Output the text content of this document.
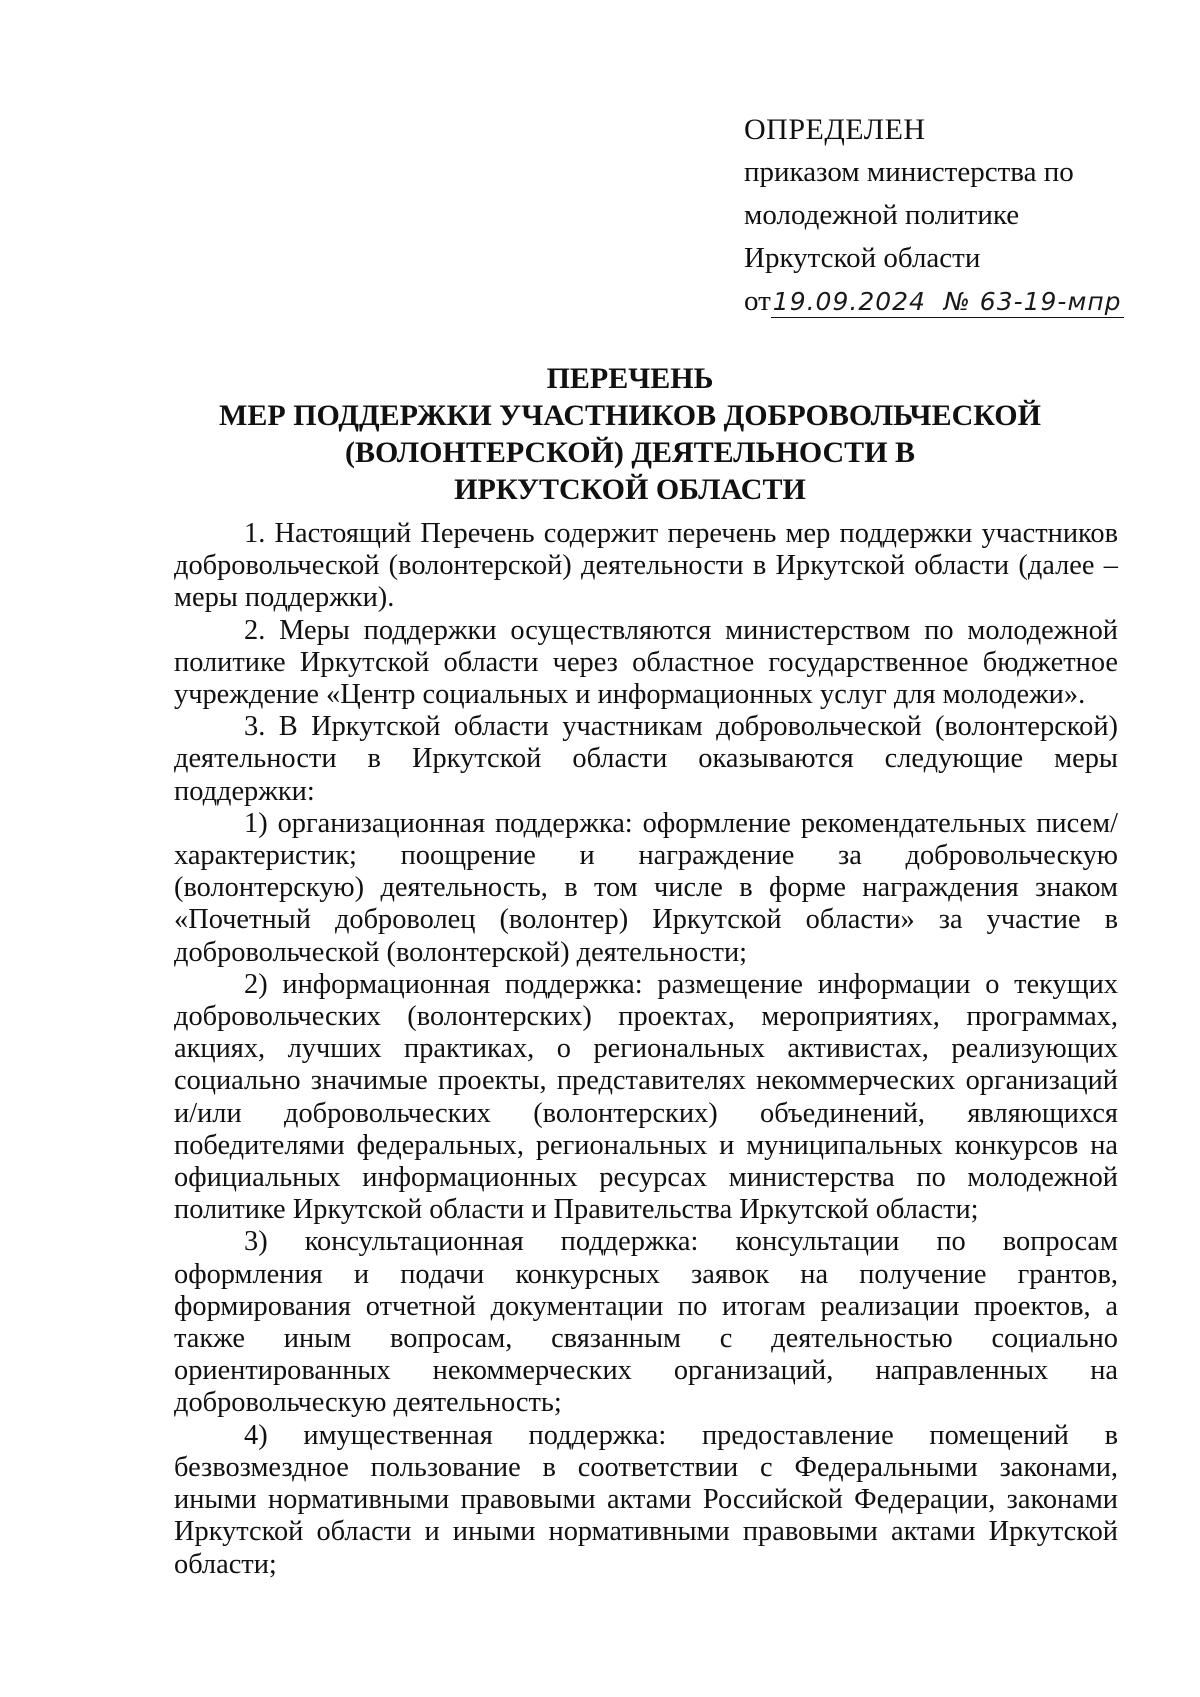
ОПРЕДЕЛЕН
приказом министерства по
молодежной политике
Иркутской области
от19.09.2024 № 63-19-мпр
ПЕРЕЧЕНЬ
МЕР ПОДДЕРЖКИ УЧАСТНИКОВ ДОБРОВОЛЬЧЕСКОЙ
(ВОЛОНТЕРСКОЙ) ДЕЯТЕЛЬНОСТИ В
ИРКУТСКОЙ ОБЛАСТИ

1. Настоящий Перечень содержит перечень мер поддержки участников добровольческой (волонтерской) деятельности в Иркутской области (далее – меры поддержки).

2. Меры поддержки осуществляются министерством по молодежной политике Иркутской области через областное государственное бюджетное учреждение «Центр социальных и информационных услуг для молодежи».

3. В Иркутской области участникам добровольческой (волонтерской) деятельности в Иркутской области оказываются следующие меры поддержки:

1) организационная поддержка: оформление рекомендательных писем/характеристик; поощрение и награждение за добровольческую (волонтерскую) деятельность, в том числе в форме награждения знаком «Почетный доброволец (волонтер) Иркутской области» за участие в добровольческой (волонтерской) деятельности;

2) информационная поддержка: размещение информации о текущих добровольческих (волонтерских) проектах, мероприятиях, программах, акциях, лучших практиках, о региональных активистах, реализующих социально значимые проекты, представителях некоммерческих организаций и/или добровольческих (волонтерских) объединений, являющихся победителями федеральных, региональных и муниципальных конкурсов на официальных информационных ресурсах министерства по молодежной политике Иркутской области и Правительства Иркутской области;

3) консультационная поддержка: консультации по вопросам оформления и подачи конкурсных заявок на получение грантов, формирования отчетной документации по итогам реализации проектов, а также иным вопросам, связанным с деятельностью социально ориентированных некоммерческих организаций, направленных на добровольческую деятельность;

4) имущественная поддержка: предоставление помещений в безвозмездное пользование в соответствии с Федеральными законами, иными нормативными правовыми актами Российской Федерации, законами Иркутской области и иными нормативными правовыми актами Иркутской области;
